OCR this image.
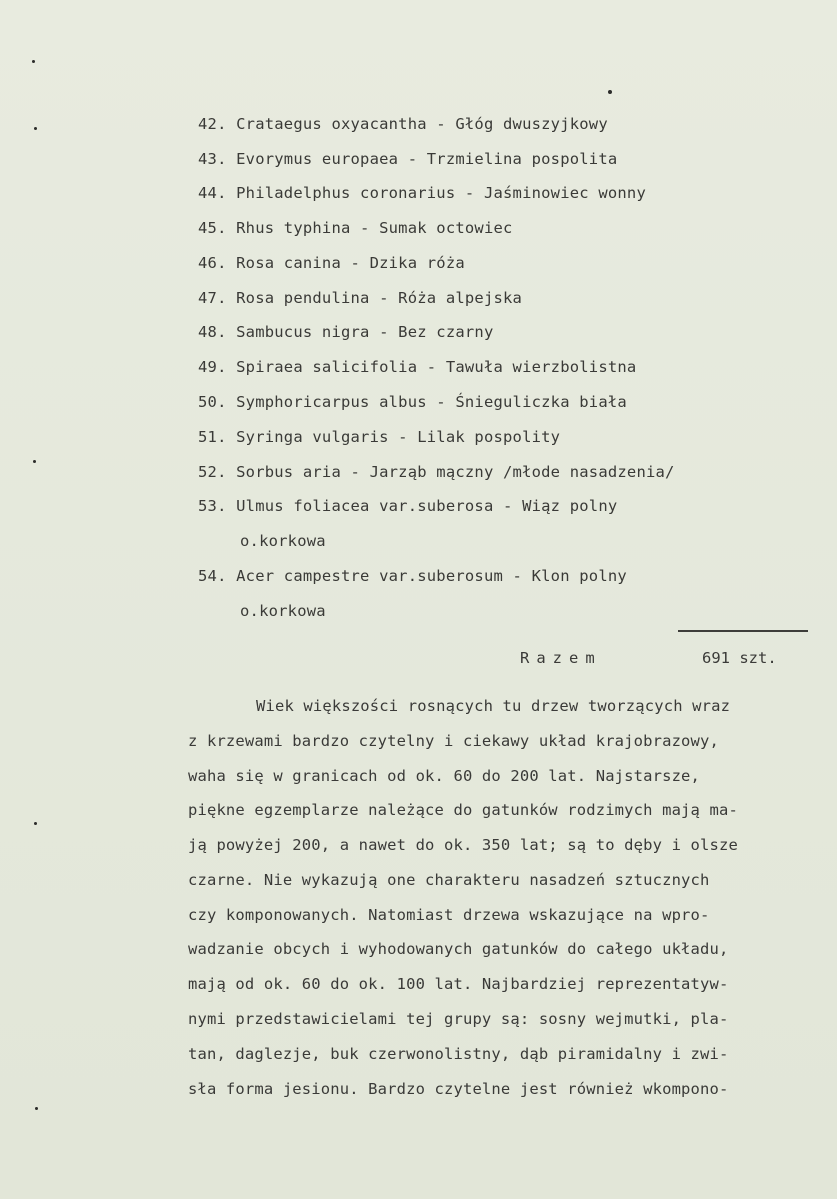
42. Crataegus oxyacantha - Głóg dwuszyjkowy
43. Evorymus europaea - Trzmielina pospolita
44. Philadelphus coronarius - Jaśminowiec wonny
45. Rhus typhina - Sumak octowiec
46. Rosa canina - Dzika róża
47. Rosa pendulina - Róża alpejska
48. Sambucus nigra - Bez czarny
49. Spiraea salicifolia - Tawuła wierzbolistna
50. Symphoricarpus albus - Śnieguliczka biała
51. Syringa vulgaris - Lilak pospolity
52. Sorbus aria - Jarząb mączny /młode nasadzenia/
53. Ulmus foliacea var.suberosa - Wiąz polny
o.korkowa
54. Acer campestre var.suberosum - Klon polny
o.korkowa
Razem	691 szt.
Wiek większości rosnących tu drzew tworzących wraz
z krzewami bardzo czytelny i ciekawy układ krajobrazowy,
waha się w granicach od ok. 60 do 200 lat. Najstarsze,
piękne egzemplarze należące do gatunków rodzimych mają ma-
ją powyżej 200, a nawet do ok. 350 lat; są to dęby i olsze
czarne. Nie wykazują one charakteru nasadzeń sztucznych
czy komponowanych. Natomiast drzewa wskazujące na wpro-
wadzanie obcych i wyhodowanych gatunków do całego układu,
mają od ok. 60 do ok. 100 lat. Najbardziej reprezentatyw-
nymi przedstawicielami tej grupy są: sosny wejmutki, pla-
tan, daglezje, buk czerwonolistny, dąb piramidalny i zwi-
sła forma jesionu. Bardzo czytelne jest również wkompono-
